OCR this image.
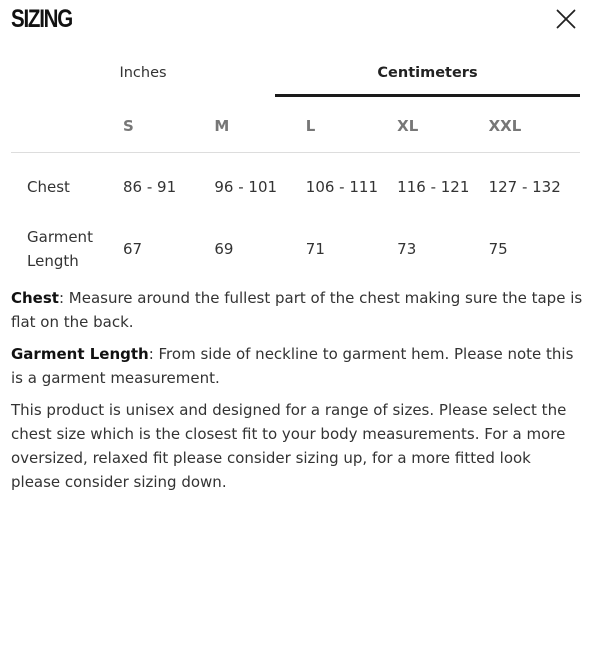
SIZING
Inches	Centimeters
	S	M	L	XL	XXL
Chest	86 - 91	96 - 101	106 - 111	116 - 121	127 - 132
Garment Length	67	69	71	73	75

Chest: Measure around the fullest part of the chest making sure the tape is flat on the back.

Garment Length: From side of neckline to garment hem. Please note this is a garment measurement.

This product is unisex and designed for a range of sizes. Please select the chest size which is the closest fit to your body measurements. For a more oversized, relaxed fit please consider sizing up, for a more fitted look please consider sizing down.
